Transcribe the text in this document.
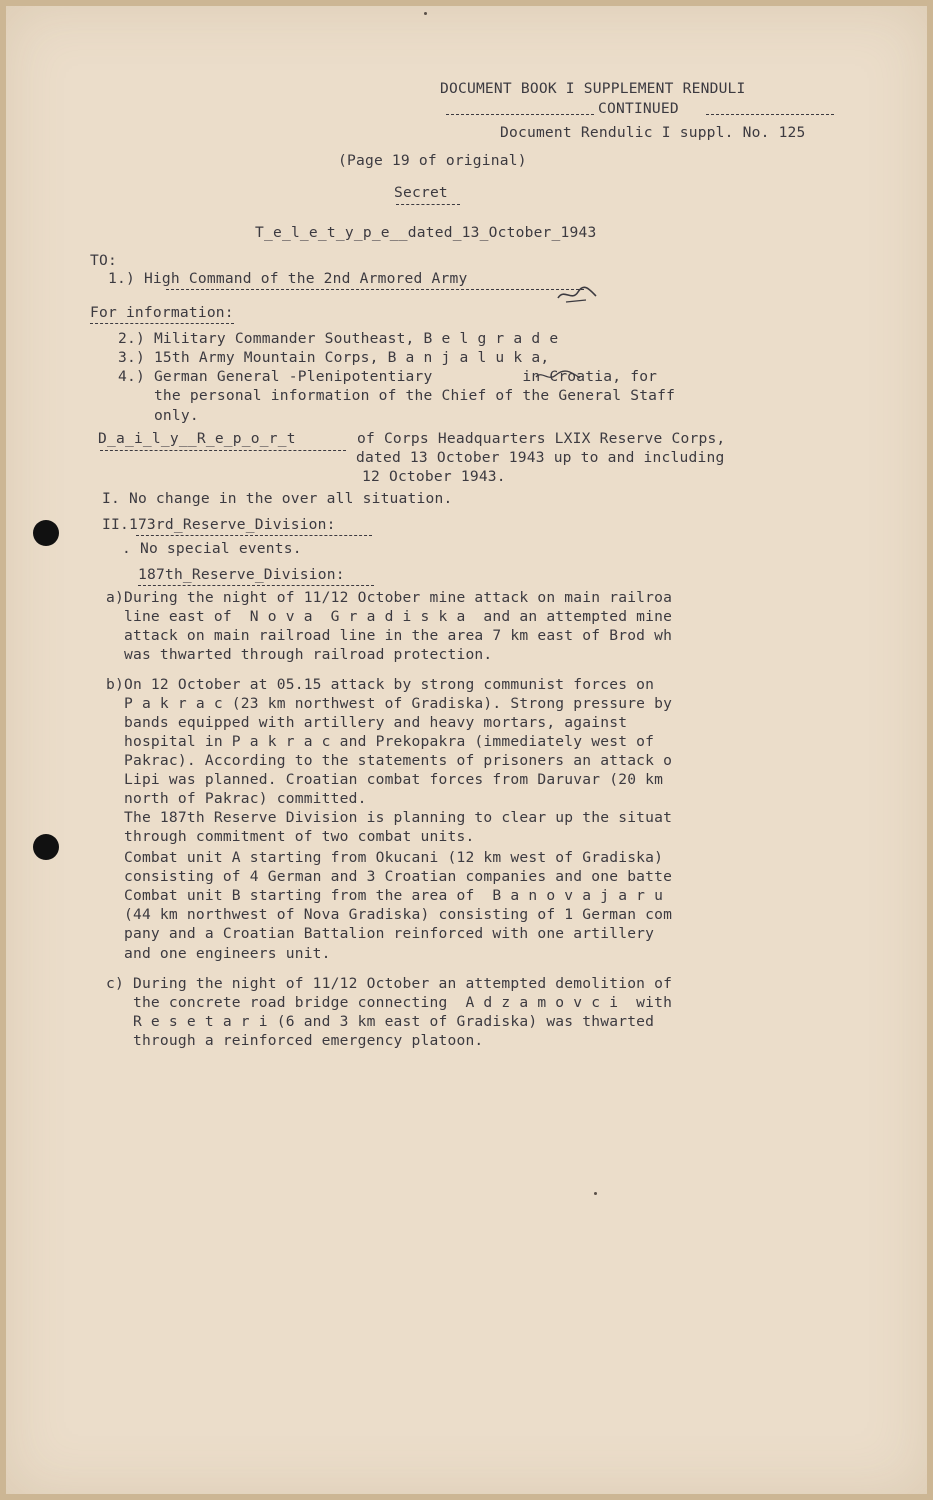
DOCUMENT BOOK I SUPPLEMENT RENDULI
CONTINUED
Document Rendulic I suppl. No. 125
(Page 19 of original)
Secret
T_e_l_e_t_y_p_e__dated_13_October_1943
TO:
1.) High Command of the 2nd Armored Army
For information:
2.) Military Commander Southeast, B e l g r a d e
3.) 15th Army Mountain Corps, B a n j a l u k a,
4.) German General -Plenipotentiary          in Croatia, for
the personal information of the Chief of the General Staff
only.
D_a_i_l_y__R_e_p_o_r_t	of Corps Headquarters LXIX Reserve Corps,
dated 13 October 1943 up to and including
12 October 1943.
I. No change in the over all situation.
II.173rd_Reserve_Division:
. No special events.
187th_Reserve_Division:
a)During the night of 11/12 October mine attack on main railroa
line east of  N o v a  G r a d i s k a  and an attempted mine
attack on main railroad line in the area 7 km east of Brod wh
was thwarted through railroad protection.
b)On 12 October at 05.15 attack by strong communist forces on
P a k r a c (23 km northwest of Gradiska). Strong pressure by
bands equipped with artillery and heavy mortars, against
hospital in P a k r a c and Prekopakra (immediately west of
Pakrac). According to the statements of prisoners an attack o
Lipi was planned. Croatian combat forces from Daruvar (20 km
north of Pakrac) committed.
The 187th Reserve Division is planning to clear up the situat
through commitment of two combat units.
Combat unit A starting from Okucani (12 km west of Gradiska)
consisting of 4 German and 3 Croatian companies and one batte
Combat unit B starting from the area of  B a n o v a j a r u
(44 km northwest of Nova Gradiska) consisting of 1 German com
pany and a Croatian Battalion reinforced with one artillery
and one engineers unit.
c) During the night of 11/12 October an attempted demolition of
the concrete road bridge connecting  A d z a m o v c i  with
R e s e t a r i (6 and 3 km east of Gradiska) was thwarted
through a reinforced emergency platoon.
